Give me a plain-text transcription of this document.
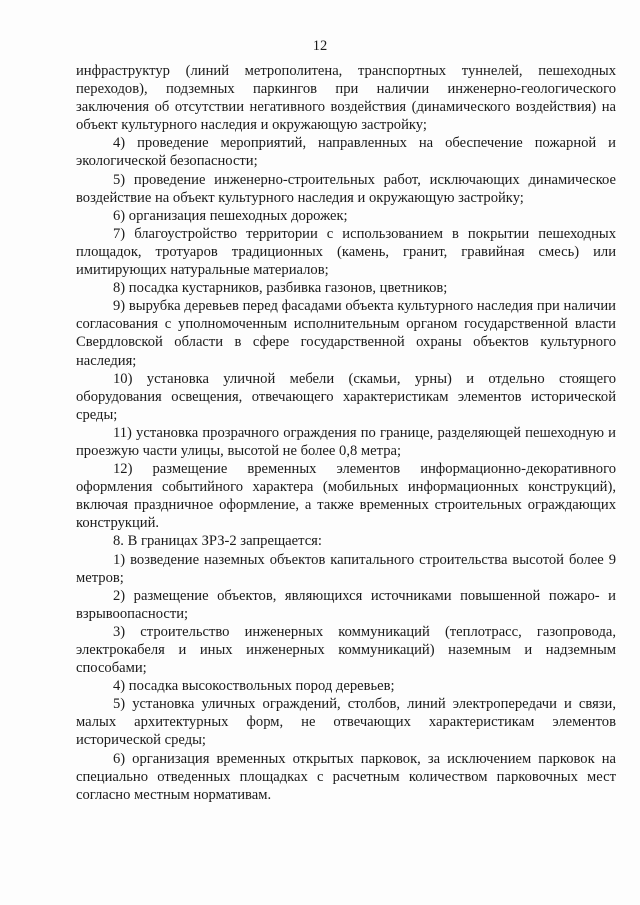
12

инфраструктур (линий метрополитена, транспортных туннелей, пешеходных переходов), подземных паркингов при наличии инженерно-геологического заключения об отсутствии негативного воздействия (динамического воздействия) на объект культурного наследия и окружающую застройку;

4) проведение мероприятий, направленных на обеспечение пожарной и экологической безопасности;

5) проведение инженерно-строительных работ, исключающих динамическое воздействие на объект культурного наследия и окружающую застройку;

6) организация пешеходных дорожек;

7) благоустройство территории с использованием в покрытии пешеходных площадок, тротуаров традиционных (камень, гранит, гравийная смесь) или имитирующих натуральные материалов;

8) посадка кустарников, разбивка газонов, цветников;

9) вырубка деревьев перед фасадами объекта культурного наследия при наличии согласования с уполномоченным исполнительным органом государственной власти Свердловской области в сфере государственной охраны объектов культурного наследия;

10) установка уличной мебели (скамьи, урны) и отдельно стоящего оборудования освещения, отвечающего характеристикам элементов исторической среды;

11) установка прозрачного ограждения по границе, разделяющей пешеходную и проезжую части улицы, высотой не более 0,8 метра;

12) размещение временных элементов информационно-декоративного оформления событийного характера (мобильных информационных конструкций), включая праздничное оформление, а также временных строительных ограждающих конструкций.

8. В границах ЗРЗ-2 запрещается:

1) возведение наземных объектов капитального строительства высотой более 9 метров;

2) размещение объектов, являющихся источниками повышенной пожаро- и взрывоопасности;

3) строительство инженерных коммуникаций (теплотрасс, газопровода, электрокабеля и иных инженерных коммуникаций) наземным и надземным способами;

4) посадка высокоствольных пород деревьев;

5) установка уличных ограждений, столбов, линий электропередачи и связи, малых архитектурных форм, не отвечающих характеристикам элементов исторической среды;

6) организация временных открытых парковок, за исключением парковок на специально отведенных площадках с расчетным количеством парковочных мест согласно местным нормативам.
